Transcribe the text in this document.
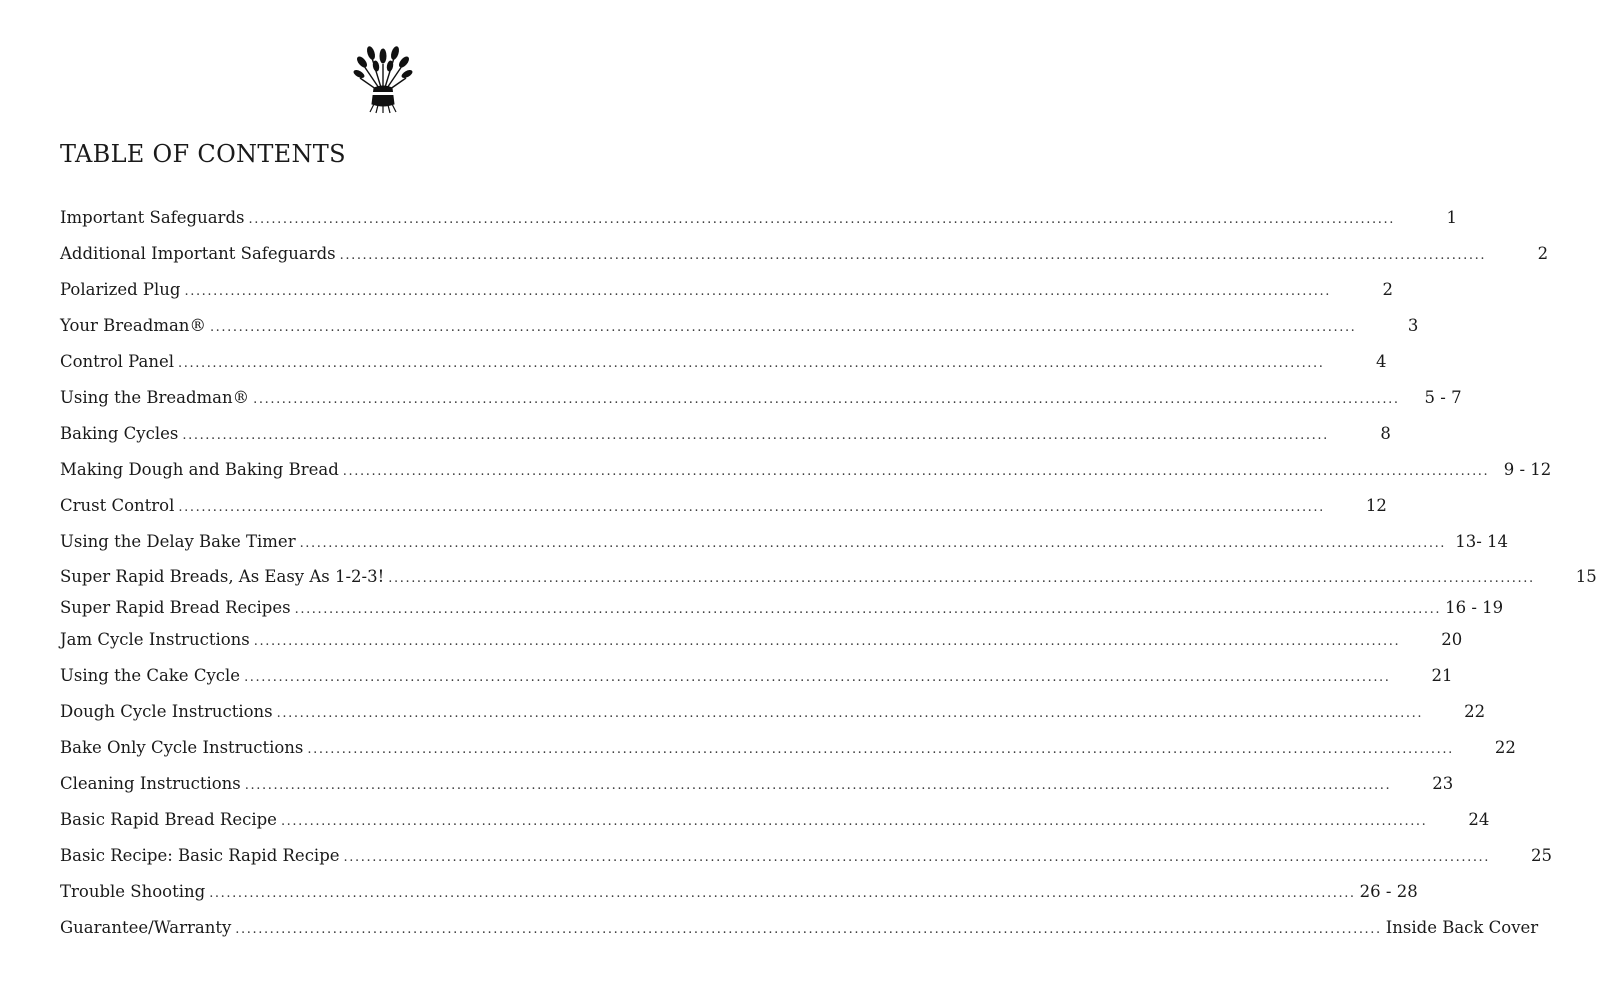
TABLE OF CONTENTS
Important Safeguards ........................................................................................................................................................................................................	1
Additional Important Safeguards ........................................................................................................................................................................................................	2
Polarized Plug ........................................................................................................................................................................................................	2
Your Breadman® ........................................................................................................................................................................................................	3
Control Panel ........................................................................................................................................................................................................	4
Using the Breadman® ........................................................................................................................................................................................................	5 - 7
Baking Cycles ........................................................................................................................................................................................................	8
Making Dough and Baking Bread ........................................................................................................................................................................................................ 9 - 12
Crust Control ........................................................................................................................................................................................................	12
Using the Delay Bake Timer ........................................................................................................................................................................................................ 13- 14
Super Rapid Breads, As Easy As 1-2-3! ........................................................................................................................................................................................................	15
Super Rapid Bread Recipes ........................................................................................................................................................................................................ 16 - 19
Jam Cycle Instructions ........................................................................................................................................................................................................	20
Using the Cake Cycle ........................................................................................................................................................................................................	21
Dough Cycle Instructions ........................................................................................................................................................................................................	22
Bake Only Cycle Instructions ........................................................................................................................................................................................................	22
Cleaning Instructions ........................................................................................................................................................................................................	23
Basic Rapid Bread Recipe ........................................................................................................................................................................................................	24
Basic Recipe: Basic Rapid Recipe ........................................................................................................................................................................................................	25
Trouble Shooting ........................................................................................................................................................................................................ 26 - 28
Guarantee/Warranty ........................................................................................................................................................................................................ Inside Back Cover
